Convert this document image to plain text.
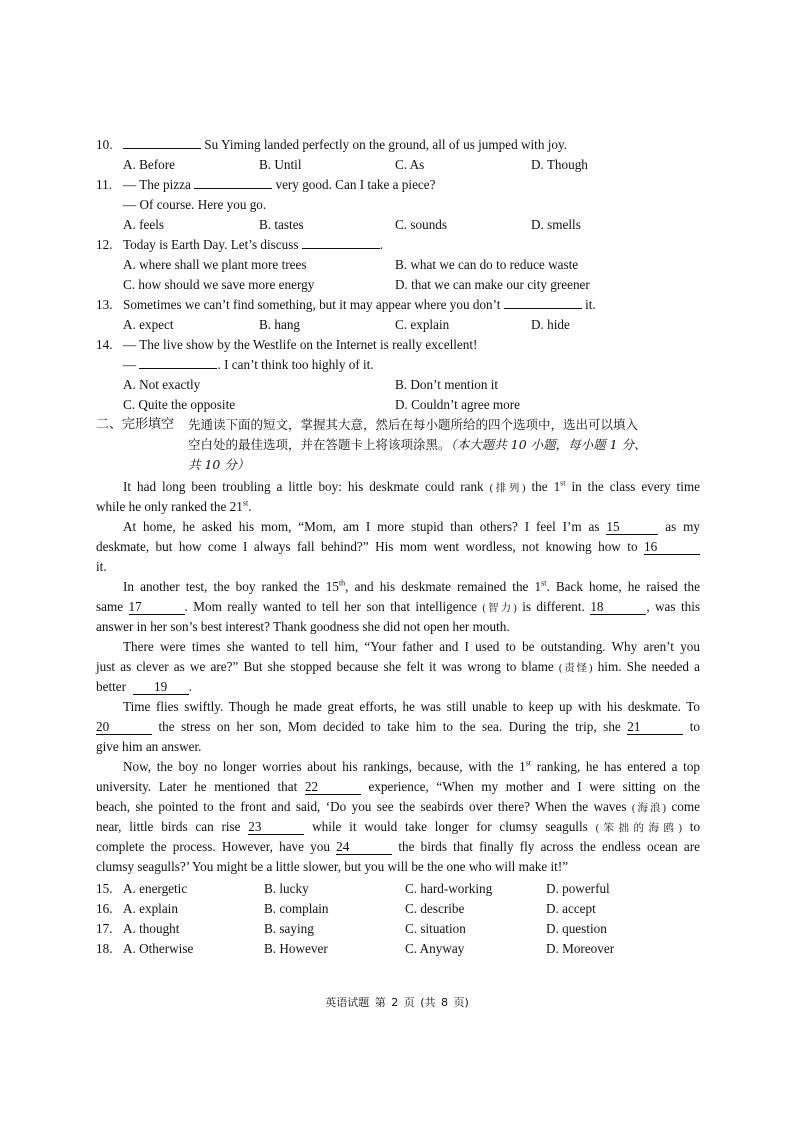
10.	Su Yiming landed perfectly on the ground, all of us jumped with joy.
A. Before	B. Until	C. As	D. Though
11. — The pizza	very good. Can I take a piece?
— Of course. Here you go.
A. feels	B. tastes	C. sounds	D. smells
12. Today is Earth Day. Let’s discuss	.
A. where shall we plant more trees	B. what we can do to reduce waste
C. how should we save more energy	D. that we can make our city greener
13. Sometimes we can’t find something, but it may appear where you don’t	it.
A. expect	B. hang	C. explain	D. hide
14. — The live show by the Westlife on the Internet is really excellent!
—	. I can’t think too highly of it.
A. Not exactly	B. Don’t mention it
C. Quite the opposite	D. Couldn’t agree more
二、完形填空 先通读下面的短文，掌握其大意，然后在每小题所给的四个选项中，选出可以填入
空白处的最佳选项，并在答题卡上将该项涂黑。（本大题共 10 小题，每小题 1 分、
共 10 分）
It had long been troubling a little boy: his deskmate could rank (排列) the 1st in the class every time
while he only ranked the 21st.
At home, he asked his mom, “Mom, am I more stupid than others? I feel I’m as 15	as my
deskmate, but how come I always fall behind?” His mom went wordless, not knowing how to 16
it.
In another test, the boy ranked the 15th, and his deskmate remained the 1st. Back home, he raised the
same 17	. Mom really wanted to tell her son that intelligence (智力) is different. 18	, was this
answer in her son’s best interest? Thank goodness she did not open her mouth.
There were times she wanted to tell him, “Your father and I used to be outstanding. Why aren’t you
just as clever as we are?” But she stopped because she felt it was wrong to blame (责怪) him. She needed a
better 19 .
Time flies swiftly. Though he made great efforts, he was still unable to keep up with his deskmate. To
20	the stress on her son, Mom decided to take him to the sea. During the trip, she 21	to
give him an answer.
Now, the boy no longer worries about his rankings, because, with the 1st ranking, he has entered a top
university. Later he mentioned that 22	experience, “When my mother and I were sitting on the
beach, she pointed to the front and said, ‘Do you see the seabirds over there? When the waves (海浪) come
near, little birds can rise 23	while it would take longer for clumsy seagulls (笨拙的海鸥) to
complete the process. However, have you 24	the birds that finally fly across the endless ocean are
clumsy seagulls?’ You might be a little slower, but you will be the one who will make it!”
15. A. energetic	B. lucky	C. hard-working	D. powerful
16. A. explain	B. complain	C. describe	D. accept
17. A. thought	B. saying	C. situation	D. question
18. A. Otherwise	B. However	C. Anyway	D. Moreover
英语试题 第 2 页 (共 8 页)
